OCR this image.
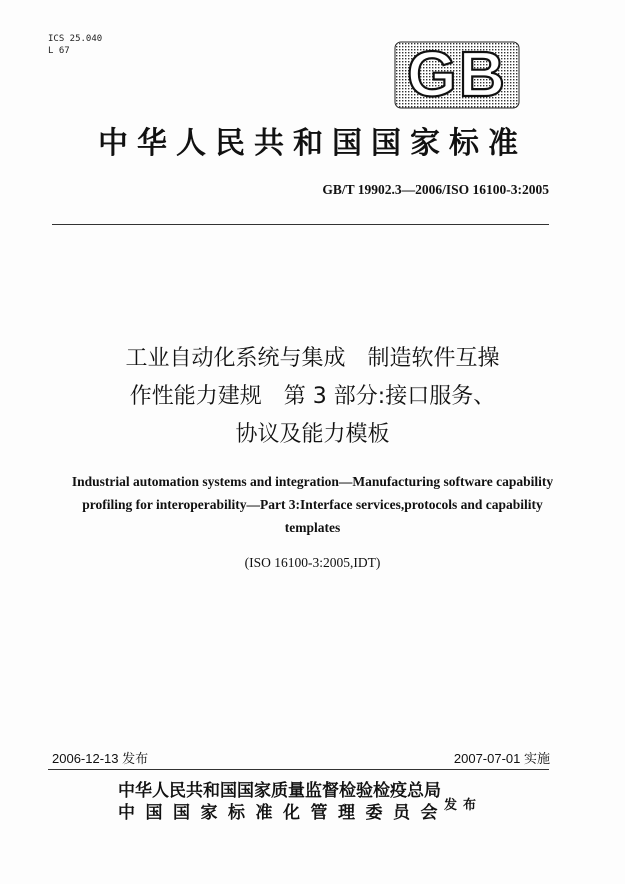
ICS 25.040
L 67	GB
中华人民共和国国家标准
GB/T 19902.3—2006/ISO 16100-3:2005
工业自动化系统与集成　制造软件互操
作性能力建规　第 3 部分:接口服务、
协议及能力模板
Industrial automation systems and integration—Manufacturing software capability
profiling for interoperability—Part 3:Interface services,protocols and capability
templates
(ISO 16100-3:2005,IDT)
2006-12-13 发布	2007-07-01 实施
中华人民共和国国家质量监督检验检疫总局
中国国家标准化管理委员会
发布
